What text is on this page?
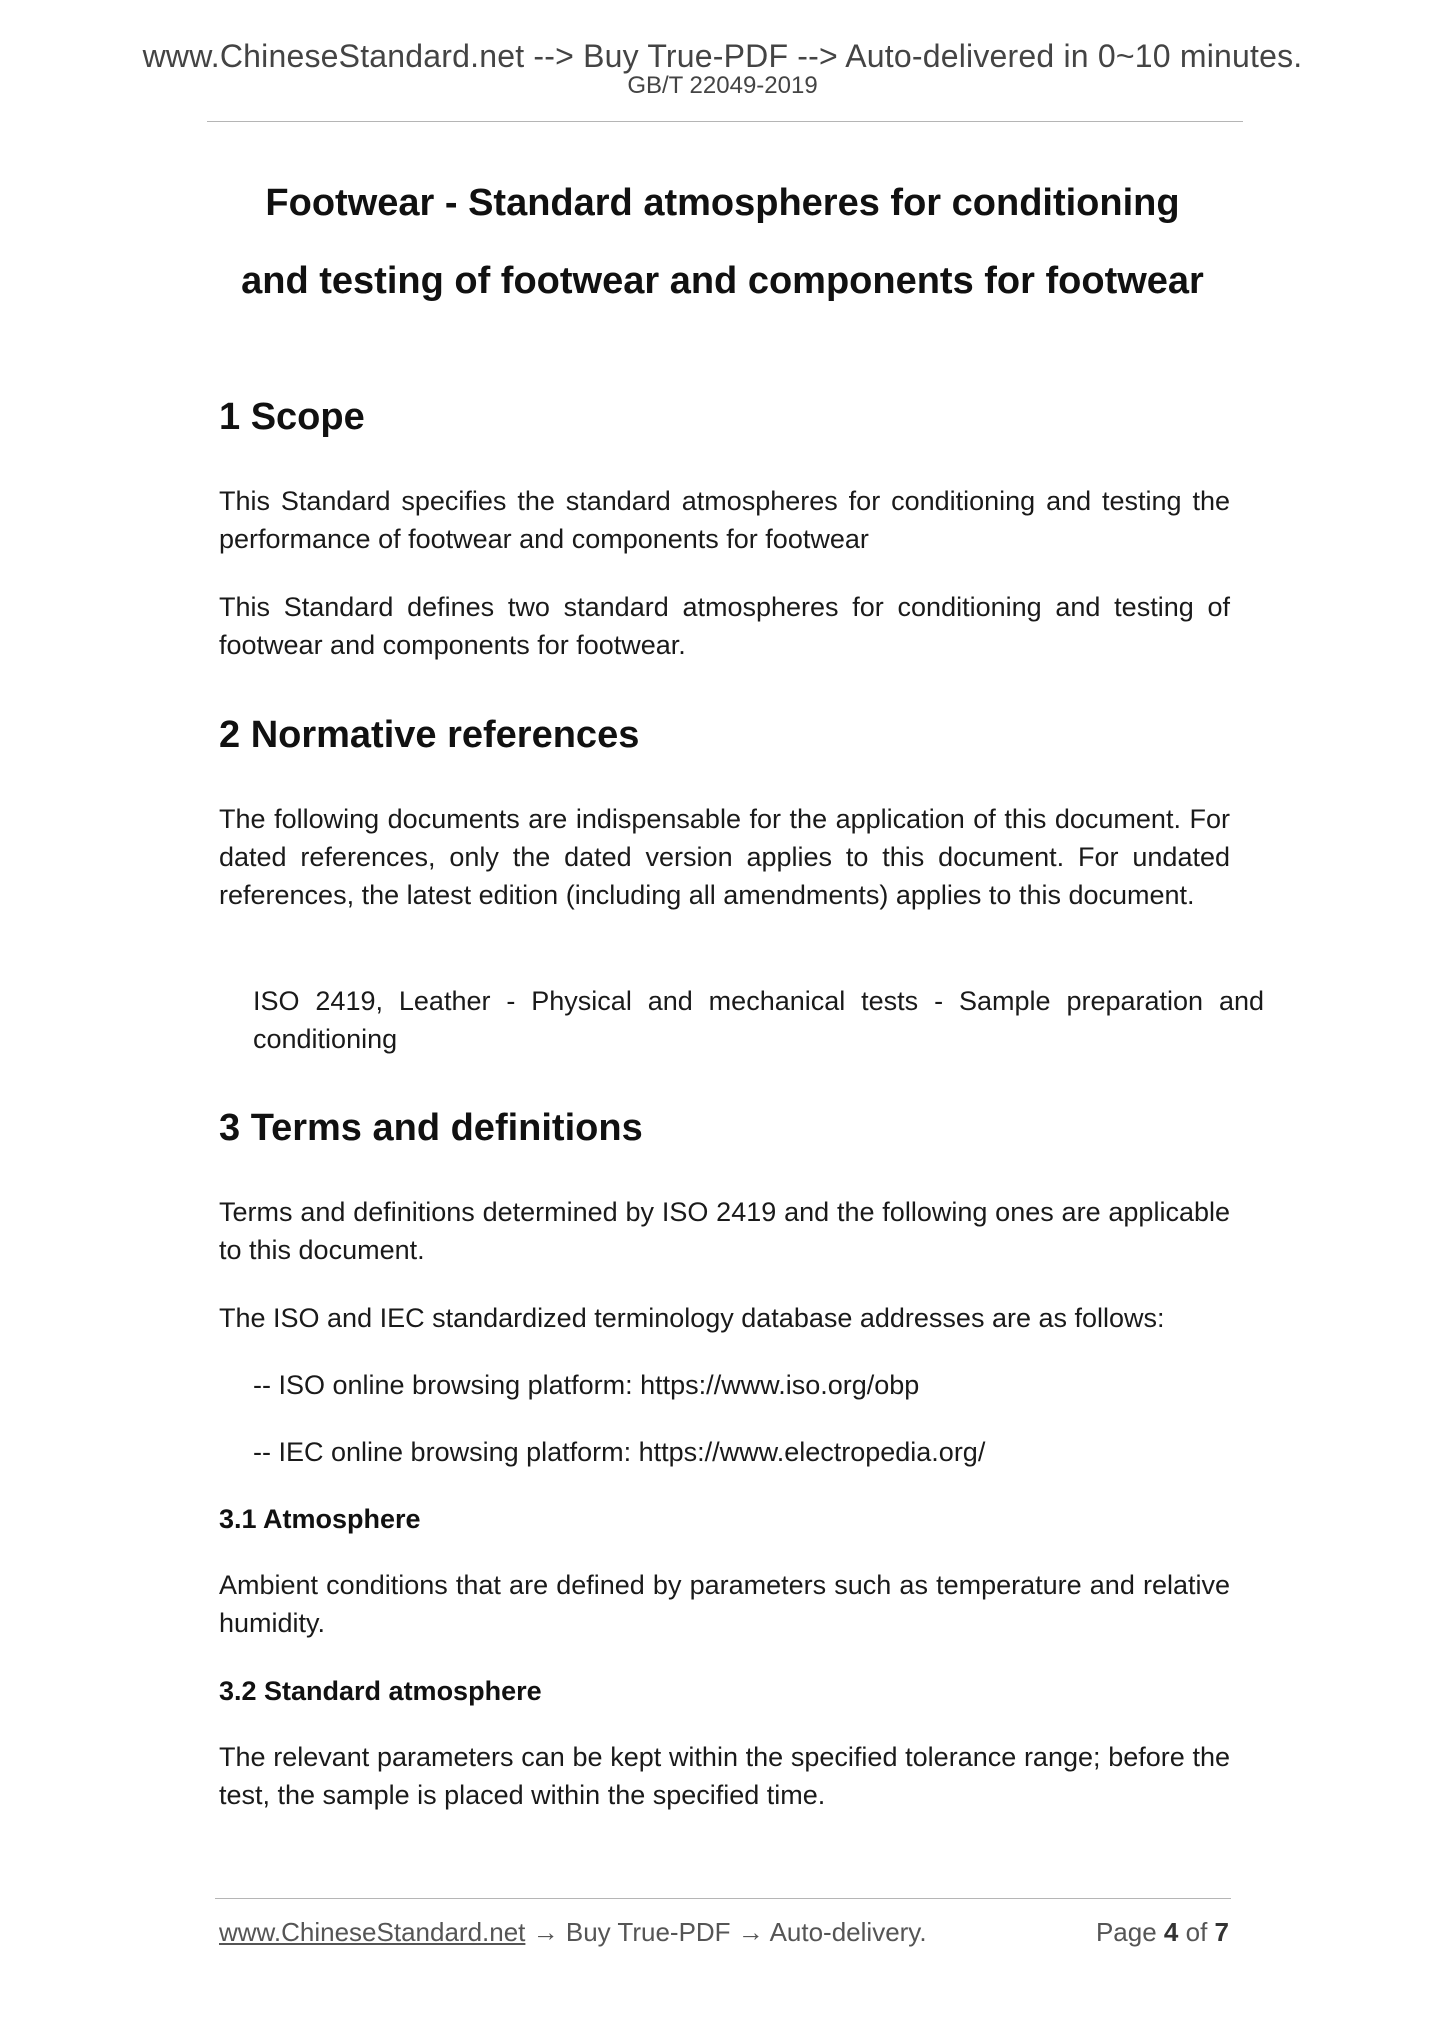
www.ChineseStandard.net --> Buy True-PDF --> Auto-delivered in 0~10 minutes.
GB/T 22049-2019
Footwear - Standard atmospheres for conditioning
and testing of footwear and components for footwear
1 Scope

This Standard specifies the standard atmospheres for conditioning and testing the performance of footwear and components for footwear

This Standard defines two standard atmospheres for conditioning and testing of footwear and components for footwear.

2 Normative references

The following documents are indispensable for the application of this document. For dated references, only the dated version applies to this document. For undated references, the latest edition (including all amendments) applies to this document.

ISO 2419, Leather - Physical and mechanical tests - Sample preparation and conditioning

3 Terms and definitions

Terms and definitions determined by ISO 2419 and the following ones are applicable to this document.

The ISO and IEC standardized terminology database addresses are as follows:

-- ISO online browsing platform: https://www.iso.org/obp

-- IEC online browsing platform: https://www.electropedia.org/

3.1 Atmosphere

Ambient conditions that are defined by parameters such as temperature and relative humidity.

3.2 Standard atmosphere

The relevant parameters can be kept within the specified tolerance range; before the test, the sample is placed within the specified time.

www.ChineseStandard.net → Buy True-PDF → Auto-delivery.	Page 4 of 7
